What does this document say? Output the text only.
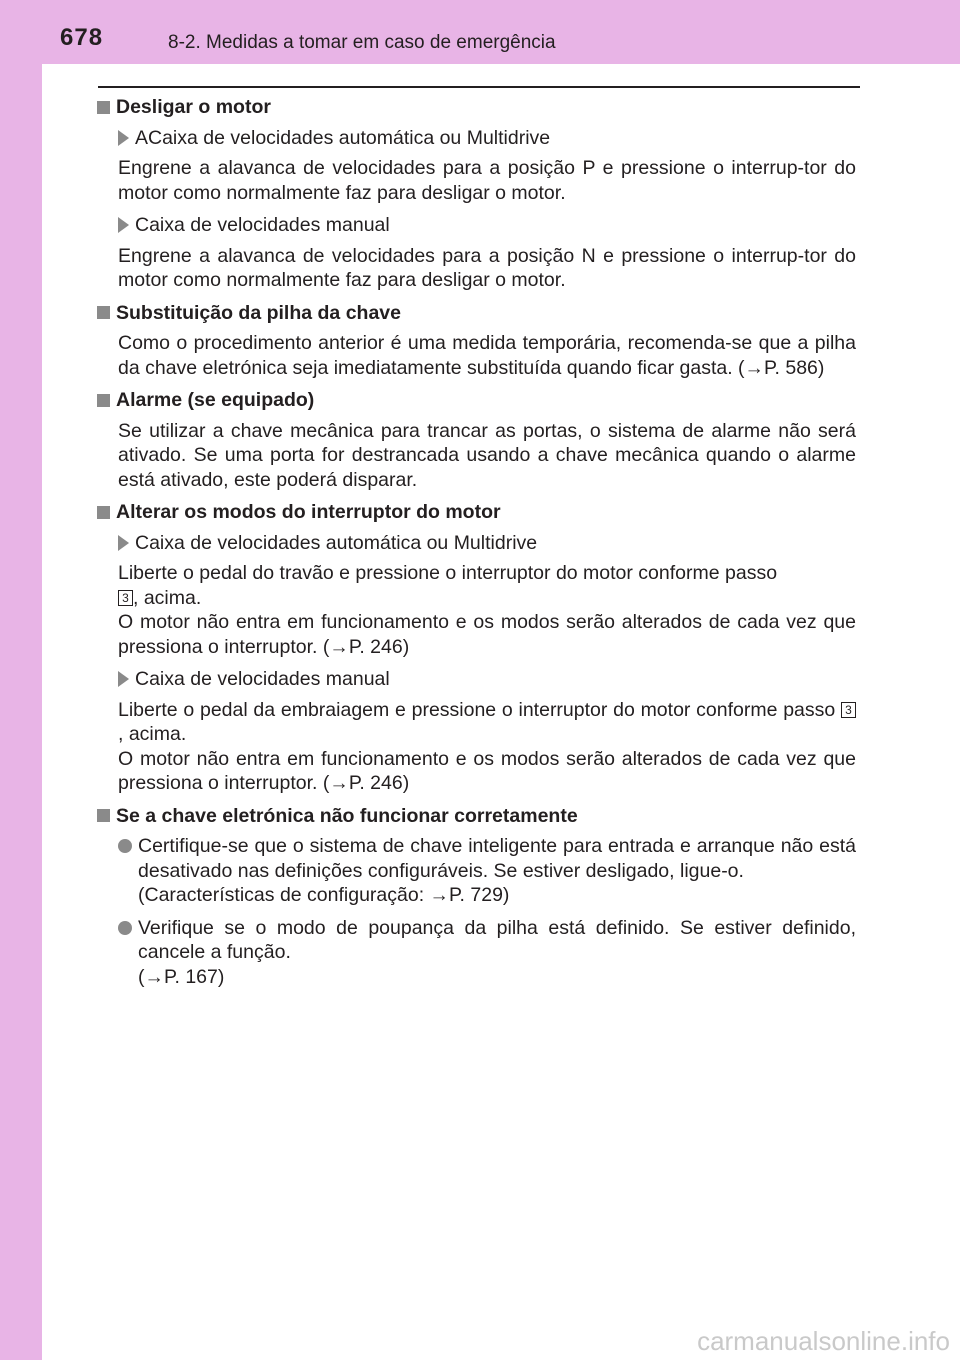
678	8-2. Medidas a tomar em caso de emergência
Desligar o motor
ACaixa de velocidades automática ou Multidrive
Engrene a alavanca de velocidades para a posição P e pressione o interrup-tor do motor como normalmente faz para desligar o motor.
Caixa de velocidades manual
Engrene a alavanca de velocidades para a posição N e pressione o interrup-tor do motor como normalmente faz para desligar o motor.
Substituição da pilha da chave
Como o procedimento anterior é uma medida temporária, recomenda-se que a pilha da chave eletrónica seja imediatamente substituída quando ficar gasta. (→P. 586)
Alarme (se equipado)
Se utilizar a chave mecânica para trancar as portas, o sistema de alarme não será ativado. Se uma porta for destrancada usando a chave mecânica quando o alarme está ativado, este poderá disparar.
Alterar os modos do interruptor do motor
Caixa de velocidades automática ou Multidrive
Liberte o pedal do travão e pressione o interruptor do motor conforme passo
3 , acima.
O motor não entra em funcionamento e os modos serão alterados de cada vez que pressiona o interruptor. (→P. 246)
Caixa de velocidades manual
Liberte o pedal da embraiagem e pressione o interruptor do motor conforme passo 3 , acima.
O motor não entra em funcionamento e os modos serão alterados de cada vez que pressiona o interruptor. (→P. 246)
Se a chave eletrónica não funcionar corretamente
Certifique-se que o sistema de chave inteligente para entrada e arranque não está desativado nas definições configuráveis. Se estiver desligado, ligue-o.
(Características de configuração: →P. 729)
Verifique se o modo de poupança da pilha está definido. Se estiver definido, cancele a função.
(→P. 167)
carmanualsonline.info
